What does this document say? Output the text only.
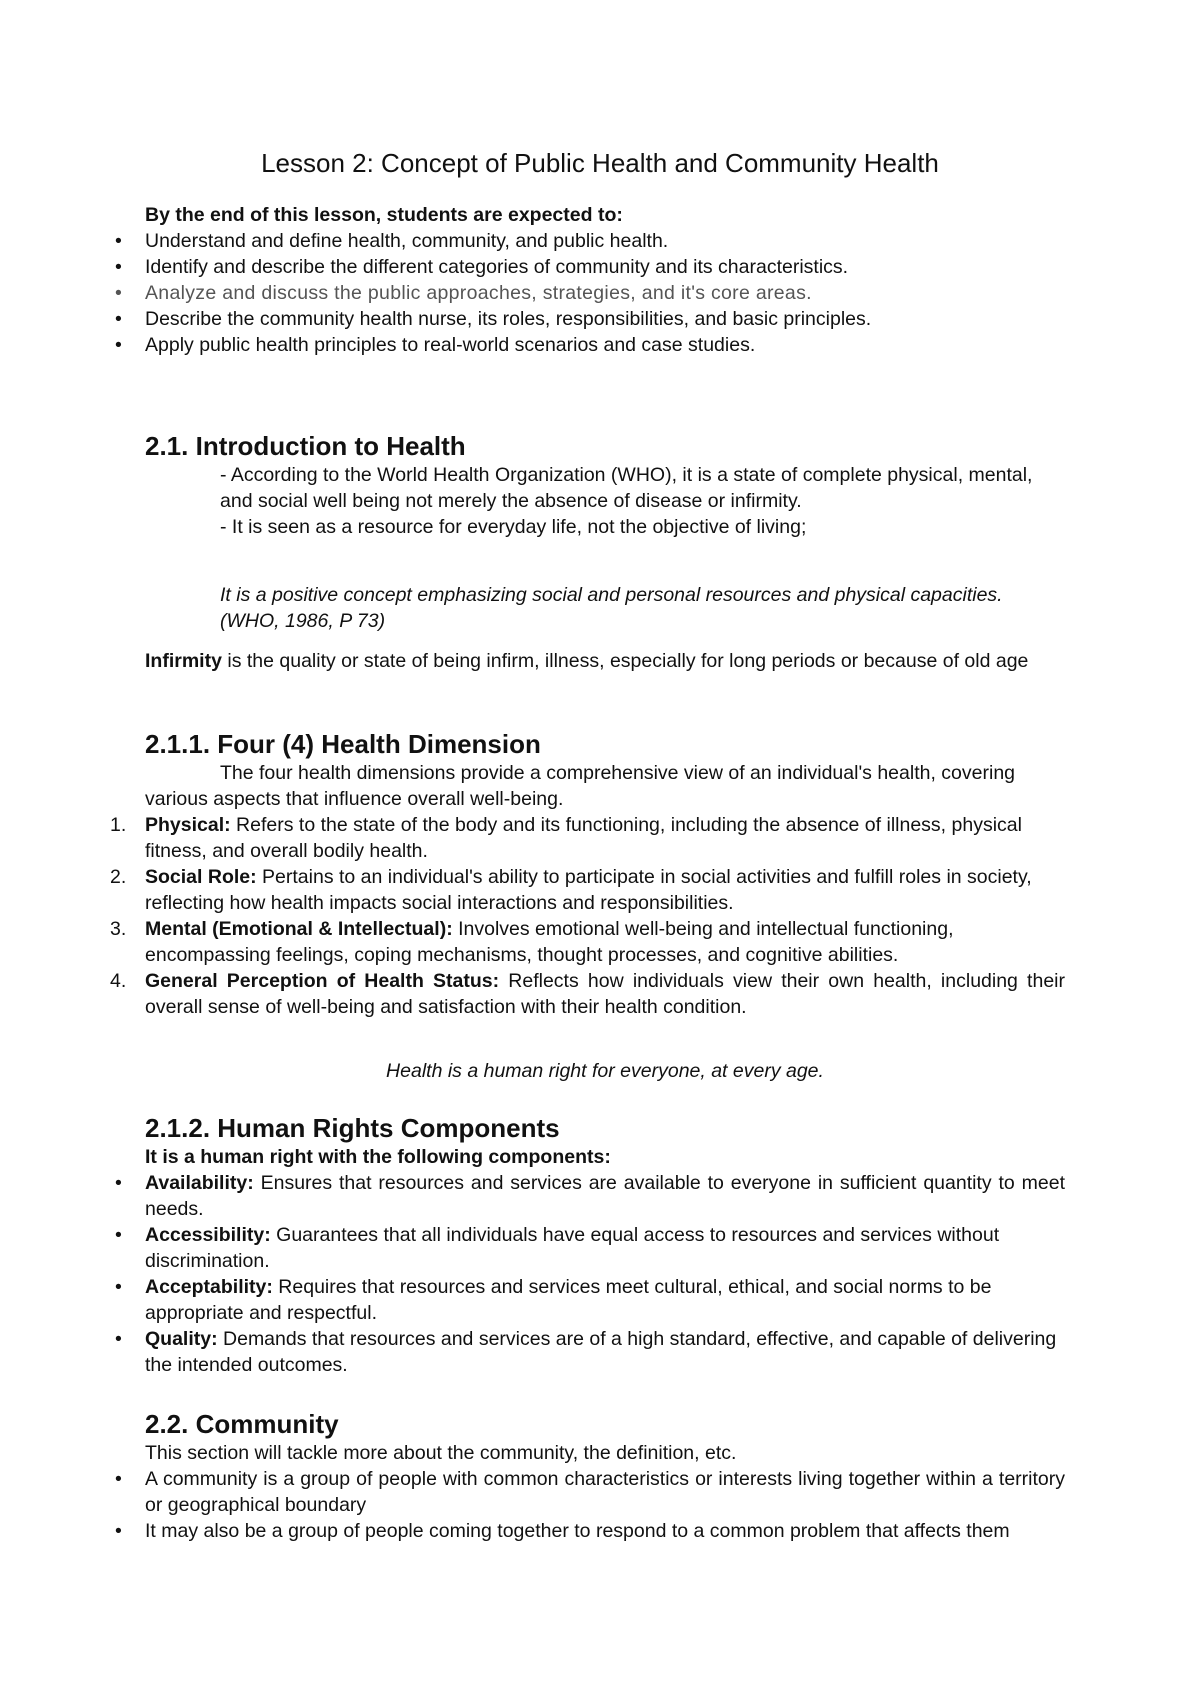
Lesson 2: Concept of Public Health and Community Health

By the end of this lesson, students are expected to:

• Understand and define health, community, and public health.
• Identify and describe the different categories of community and its characteristics.
• Analyze and discuss the public approaches, strategies, and it's core areas.
• Describe the community health nurse, its roles, responsibilities, and basic principles.
• Apply public health principles to real-world scenarios and case studies.
2.1. Introduction to Health

- According to the World Health Organization (WHO), it is a state of complete physical, mental, and social well being not merely the absence of disease or infirmity.

- It is seen as a resource for everyday life, not the objective of living;

It is a positive concept emphasizing social and personal resources and physical capacities. (WHO, 1986, P 73)

Infirmity is the quality or state of being infirm, illness, especially for long periods or because of old age

2.1.1. Four (4) Health Dimension

The four health dimensions provide a comprehensive view of an individual's health, covering various aspects that influence overall well-being.

1. Physical: Refers to the state of the body and its functioning, including the absence of illness, physical fitness, and overall bodily health.
2. Social Role: Pertains to an individual's ability to participate in social activities and fulfill roles in society, reflecting how health impacts social interactions and responsibilities.
3. Mental (Emotional & Intellectual): Involves emotional well-being and intellectual functioning, encompassing feelings, coping mechanisms, thought processes, and cognitive abilities.
4. General Perception of Health Status: Reflects how individuals view their own health, including their overall sense of well-being and satisfaction with their health condition.

Health is a human right for everyone, at every age.

2.1.2. Human Rights Components

It is a human right with the following components:

• Availability: Ensures that resources and services are available to everyone in sufficient quantity to meet needs.
• Accessibility: Guarantees that all individuals have equal access to resources and services without discrimination.
• Acceptability: Requires that resources and services meet cultural, ethical, and social norms to be appropriate and respectful.
• Quality: Demands that resources and services are of a high standard, effective, and capable of delivering the intended outcomes.
2.2. Community

This section will tackle more about the community, the definition, etc.

• A community is a group of people with common characteristics or interests living together within a territory or geographical boundary
• It may also be a group of people coming together to respond to a common problem that affects them
